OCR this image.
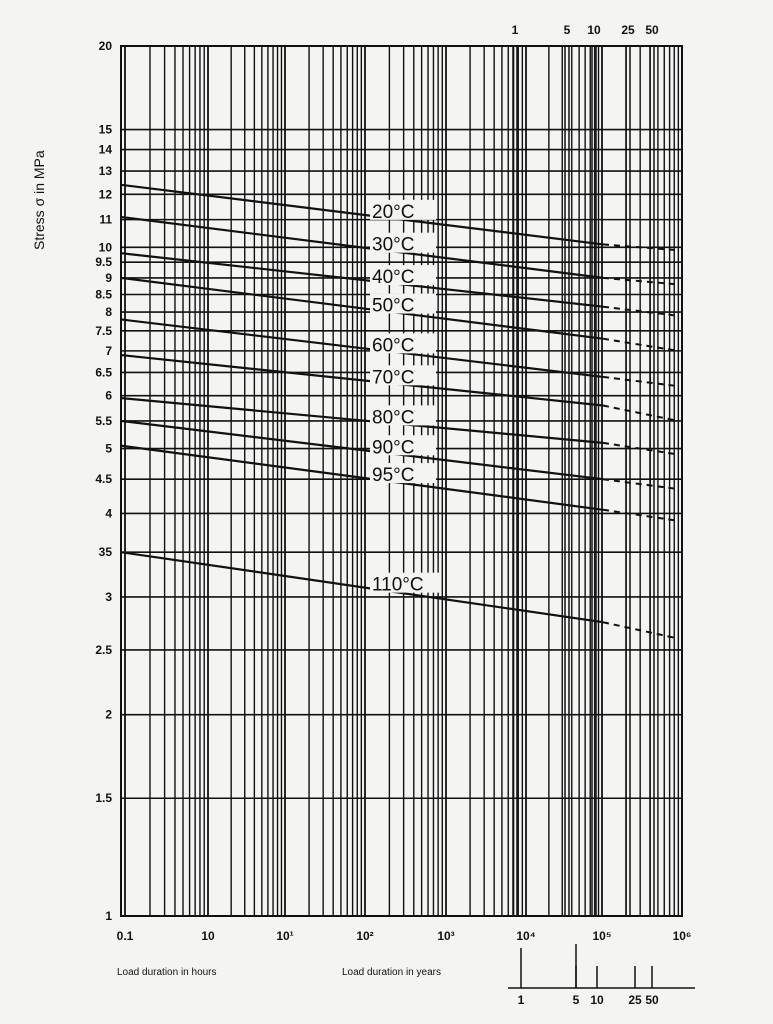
20°C
30°C
40°C
50°C
60°C
70°C
80°C
90°C
95°C
110°C
20
15
14
13
12
11
10
9.5
9
8.5
8
7.5
7
6.5
6
5.5
5
4.5
4
35
3
2.5
2
1.5
1
0.1	10	10¹	10²	10³	10⁴	10⁵	10⁶
1	5 10 25 50
1	5 10 25 50
Stress σ in MPa
Load duration in hours	Load duration in years
